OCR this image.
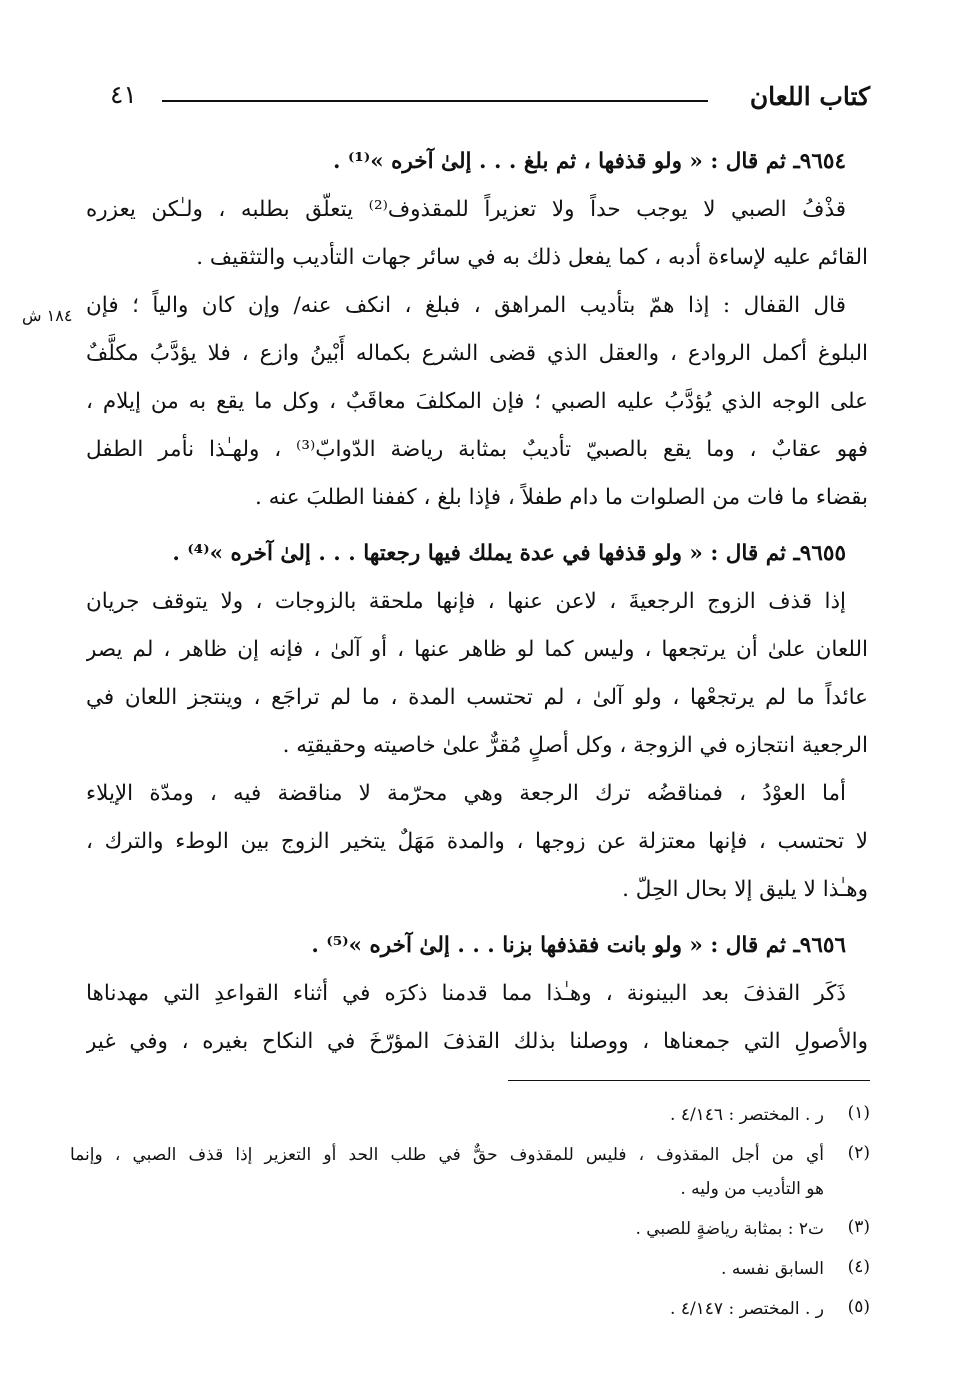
كتاب اللعان
٤١
١٨٤ ش
٩٦٥٤ـ ثم قال : « ولو قذفها ، ثم بلغ . . . إلىٰ آخره »⁽¹⁾ .
قذْفُ الصبي لا يوجب حداً ولا تعزيراً للمقذوف⁽²⁾ يتعلّق بطلبه ، ولـٰكن يعزره
القائم عليه لإساءة أدبه ، كما يفعل ذلك به في سائر جهات التأديب والتثقيف .
قال القفال : إذا همّ بتأديب المراهق ، فبلغ ، انكف عنه/ وإن كان والياً ؛ فإن
البلوغ أكمل الروادع ، والعقل الذي قضى الشرع بكماله أَبْينُ وازع ، فلا يؤدَّبُ مكلَّفٌ
على الوجه الذي يُؤدَّبُ عليه الصبي ؛ فإن المكلفَ معاقَبٌ ، وكل ما يقع به من إيلام ،
فهو عقابٌ ، وما يقع بالصبيّ تأديبٌ بمثابة رياضة الدّوابّ⁽³⁾ ، ولهـٰذا نأمر الطفل
بقضاء ما فات من الصلوات ما دام طفلاً ، فإذا بلغ ، كففنا الطلبَ عنه .
٩٦٥٥ـ ثم قال : « ولو قذفها في عدة يملك فيها رجعتها . . . إلىٰ آخره »⁽⁴⁾ .
إذا قذف الزوج الرجعيةَ ، لاعن عنها ، فإنها ملحقة بالزوجات ، ولا يتوقف جريان
اللعان علىٰ أن يرتجعها ، وليس كما لو ظاهر عنها ، أو آلىٰ ، فإنه إن ظاهر ، لم يصر
عائداً ما لم يرتجعْها ، ولو آلىٰ ، لم تحتسب المدة ، ما لم تراجَع ، وينتجز اللعان في
الرجعية انتجازه في الزوجة ، وكل أصلٍ مُقرٌّ علىٰ خاصيته وحقيقتِه .
أما العوْدُ ، فمناقضُه ترك الرجعة وهي محرّمة لا مناقضة فيه ، ومدّة الإيلاء
لا تحتسب ، فإنها معتزلة عن زوجها ، والمدة مَهَلٌ يتخير الزوج بين الوطء والترك ،
وهـٰذا لا يليق إلا بحال الحِلّ .
٩٦٥٦ـ ثم قال : « ولو بانت فقذفها بزنا . . . إلىٰ آخره »⁽⁵⁾ .
ذَكَر القذفَ بعد البينونة ، وهـٰذا مما قدمنا ذكرَه في أثناء القواعدِ التي مهدناها
والأصولِ التي جمعناها ، ووصلنا بذلك القذفَ المؤرّخَ في النكاح بغيره ، وفي غير
(١)
ر . المختصر : ٤/١٤٦ .
(٢)
أي من أجل المقذوف ، فليس للمقذوف حقٌّ في طلب الحد أو التعزير إذا قذف الصبي ، وإنما
هو التأديب من وليه .
(٣)
ت٢ : بمثابة رياضةٍ للصبي .
(٤)
السابق نفسه .
(٥)
ر . المختصر : ٤/١٤٧ .
